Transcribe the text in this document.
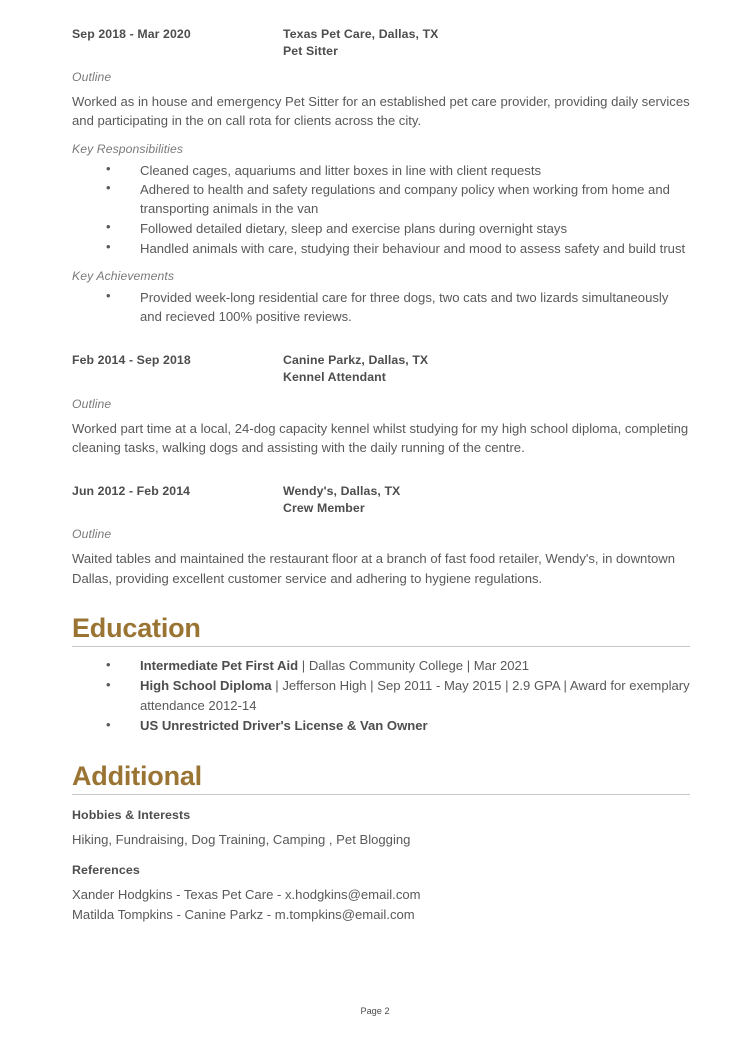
Sep 2018 - Mar 2020	Texas Pet Care, Dallas, TX
Pet Sitter
Outline

Worked as in house and emergency Pet Sitter for an established pet care provider, providing daily services and participating in the on call rota for clients across the city.

Key Responsibilities
• Cleaned cages, aquariums and litter boxes in line with client requests
• Adhered to health and safety regulations and company policy when working from home and transporting animals in the van
• Followed detailed dietary, sleep and exercise plans during overnight stays
• Handled animals with care, studying their behaviour and mood to assess safety and build trust
Key Achievements
• Provided week-long residential care for three dogs, two cats and two lizards simultaneously and recieved 100% positive reviews.
Feb 2014 - Sep 2018	Canine Parkz, Dallas, TX
Kennel Attendant
Outline

Worked part time at a local, 24-dog capacity kennel whilst studying for my high school diploma, completing cleaning tasks, walking dogs and assisting with the daily running of the centre.

Jun 2012 - Feb 2014	Wendy's, Dallas, TX
Crew Member
Outline

Waited tables and maintained the restaurant floor at a branch of fast food retailer, Wendy's, in downtown Dallas, providing excellent customer service and adhering to hygiene regulations.

Education
• Intermediate Pet First Aid | Dallas Community College | Mar 2021
• High School Diploma | Jefferson High | Sep 2011 - May 2015 | 2.9 GPA | Award for exemplary attendance 2012-14
• US Unrestricted Driver's License & Van Owner
Additional
Hobbies & Interests

Hiking, Fundraising, Dog Training, Camping , Pet Blogging

References

Xander Hodgkins - Texas Pet Care - x.hodgkins@email.com
Matilda Tompkins - Canine Parkz - m.tompkins@email.com

Page 2
